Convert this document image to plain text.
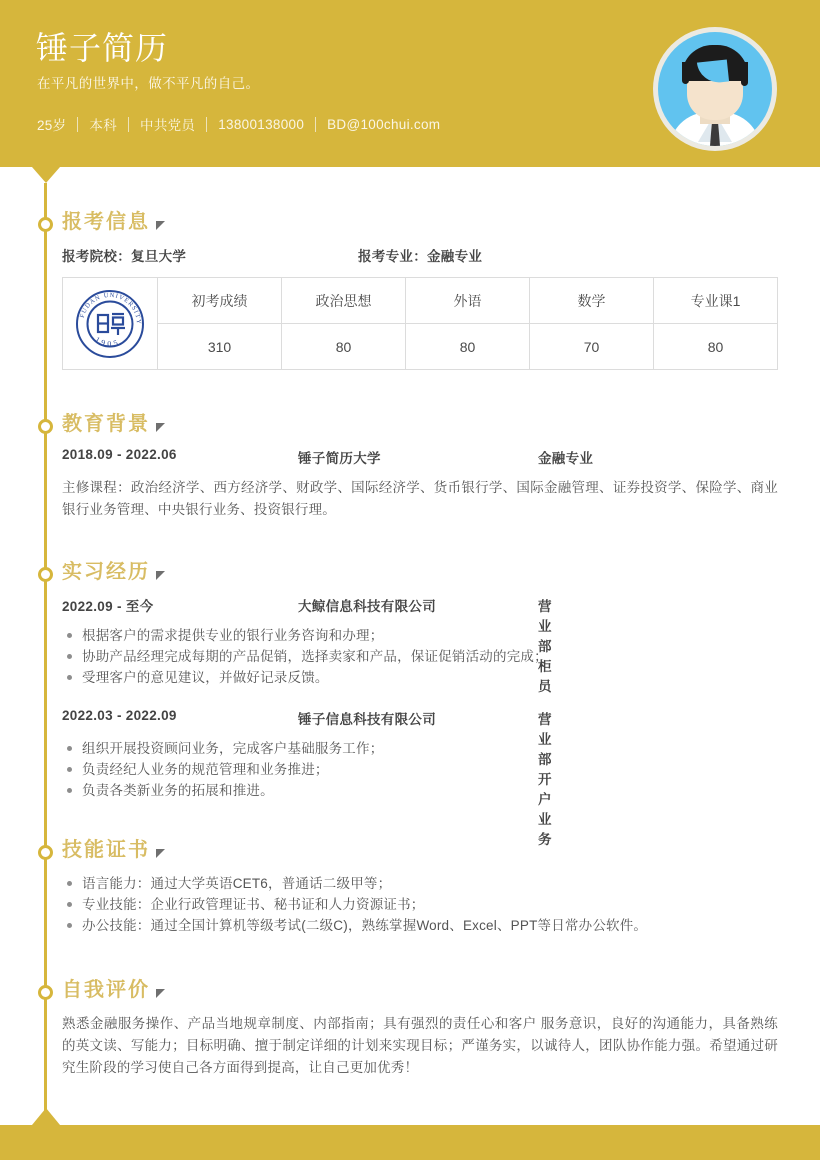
锤子简历
在平凡的世界中，做不平凡的自己。
25岁 本科 中共党员 13800138000 BD@100chui.com
报考信息
报考院校：复旦大学	报考专业：金融专业
FUDAN UNIVERSITY
1905	初考成绩	政治思想	外语	数学	专业课1
	310	80	80	70	80
教育背景
2018.09 - 2022.06	锤子简历大学	金融专业
主修课程：政治经济学、西方经济学、财政学、国际经济学、货币银行学、国际金融管理、证券投资学、保险学、商业银行业务管理、中央银行业务、投资银行理。
实习经历
2022.09 - 至今	大鲸信息科技有限公司	营业部柜员
根据客户的需求提供专业的银行业务咨询和办理；
协助产品经理完成每期的产品促销，选择卖家和产品，保证促销活动的完成；
受理客户的意见建议，并做好记录反馈。
2022.03 - 2022.09	锤子信息科技有限公司	营业部开户业务
组织开展投资顾问业务，完成客户基础服务工作；
负责经纪人业务的规范管理和业务推进；
负责各类新业务的拓展和推进。
技能证书
语言能力：通过大学英语CET6，普通话二级甲等；
专业技能：企业行政管理证书、秘书证和人力资源证书；
办公技能：通过全国计算机等级考试(二级C)，熟练掌握Word、Excel、PPT等日常办公软件。
自我评价
熟悉金融服务操作、产品当地规章制度、内部指南；具有强烈的责任心和客户 服务意识，良好的沟通能力，具备熟练的英文读、写能力；目标明确、擅于制定详细的计划来实现目标；严谨务实，以诚待人，团队协作能力强。希望通过研究生阶段的学习使自己各方面得到提高，让自己更加优秀！
